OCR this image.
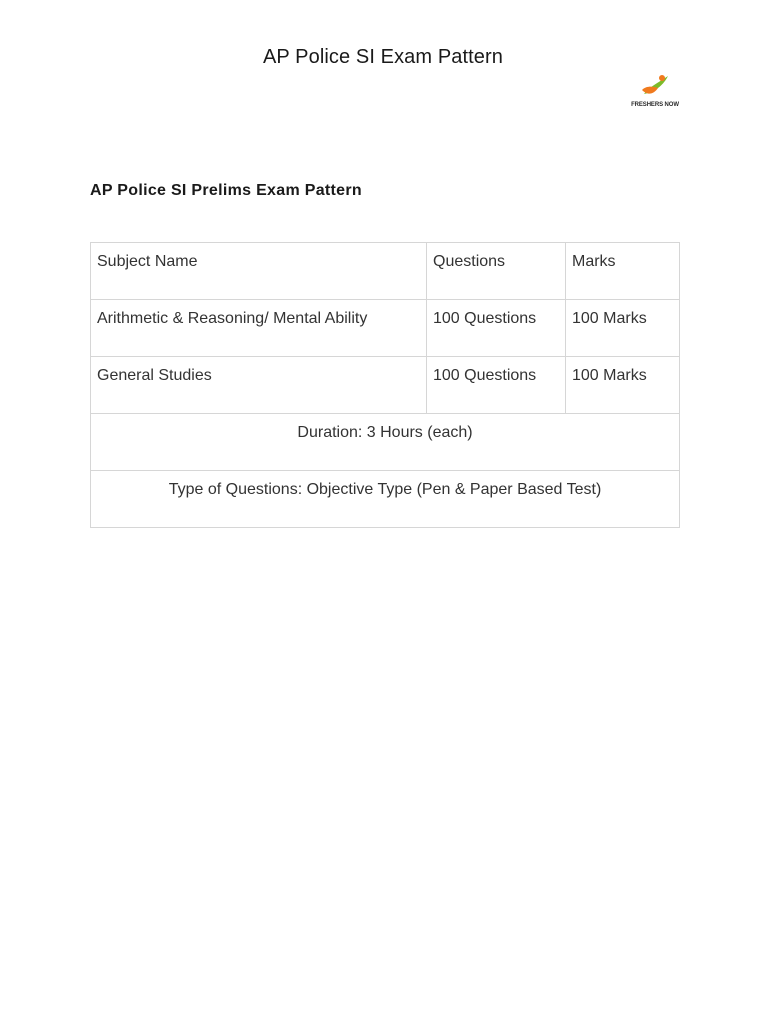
AP Police SI Exam Pattern
FRESHERS NOW
AP Police SI Prelims Exam Pattern
Subject Name	Questions	Marks
Arithmetic & Reasoning/ Mental Ability	100 Questions	100 Marks
General Studies	100 Questions	100 Marks
Duration: 3 Hours (each)		
Type of Questions: Objective Type (Pen & Paper Based Test)		
